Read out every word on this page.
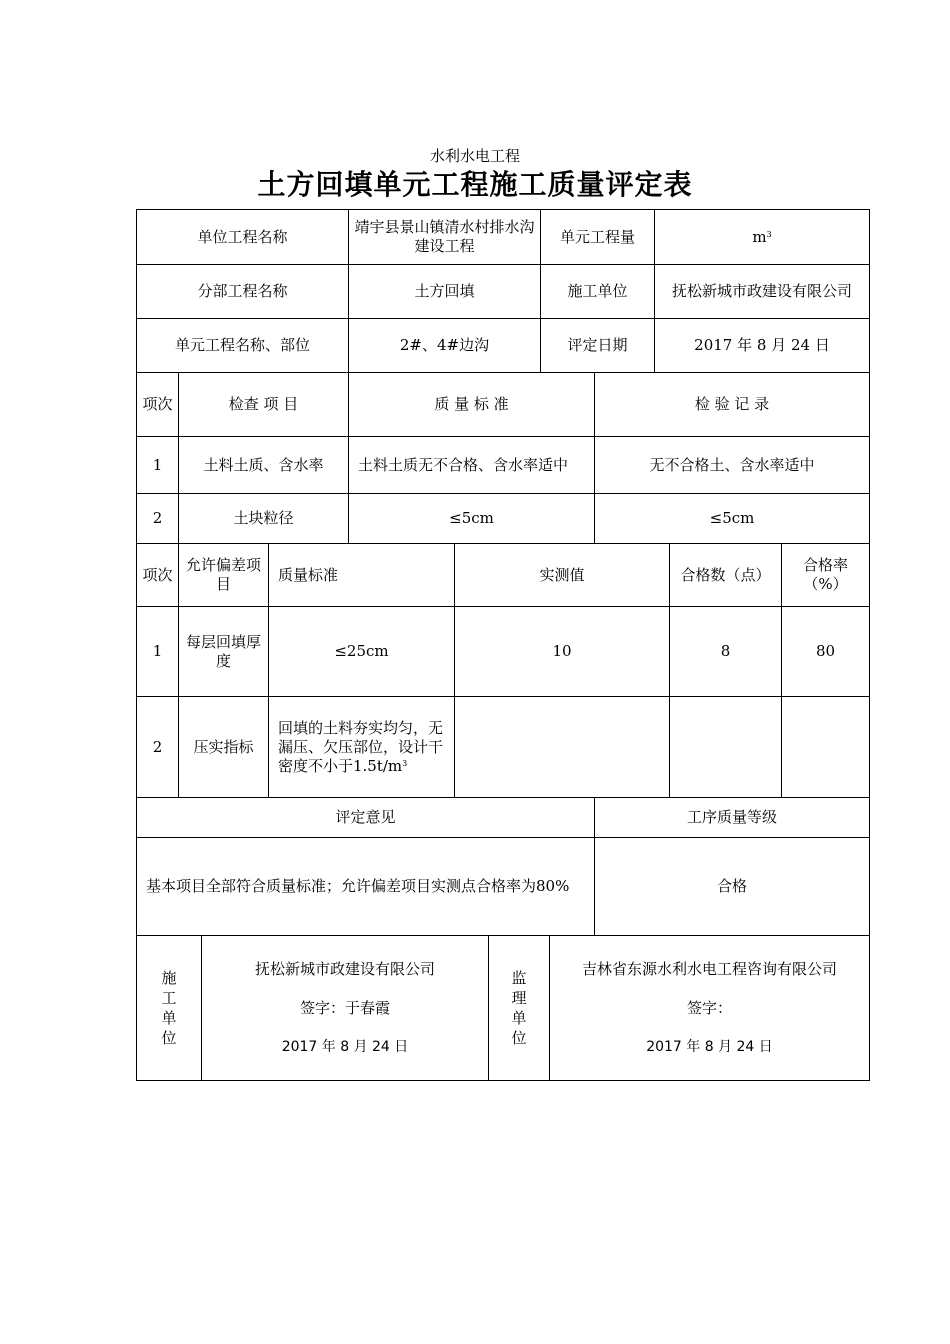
水利水电工程
土方回填单元工程施工质量评定表
单位工程名称	靖宇县景山镇清水村排水沟建设工程	单元工程量	$m^3$
分部工程名称	土方回填	施工单位	抚松新城市政建设有限公司
单元工程名称、部位	2#、4#边沟	评定日期	2017 年 8 月 24 日
项次	检查 项 目	质 量 标 准	检 验 记 录
1	土料土质、含水率	土料土质无不合格、含水率适中	无不合格土、含水率适中
2	土块粒径	≤5cm	≤5cm
项次	允许偏差项　目	质量标准	实测值	合格数（点）	合格率（%）
1	每层回填厚度	≤25cm	10	8	80
2	压实指标	回填的土料夯实均匀，无漏压、欠压部位，设计干密度不小于$1.5t/m^3$			
评定意见	工序质量等级
基本项目全部符合质量标准；允许偏差项目实测点合格率为80%	合格
施工单位

抚松新城市政建设有限公司
签字：于春霞
2017 年 8 月 24 日

监理单位

吉林省东源水利水电工程咨询有限公司
签字：
2017 年 8 月 24 日
